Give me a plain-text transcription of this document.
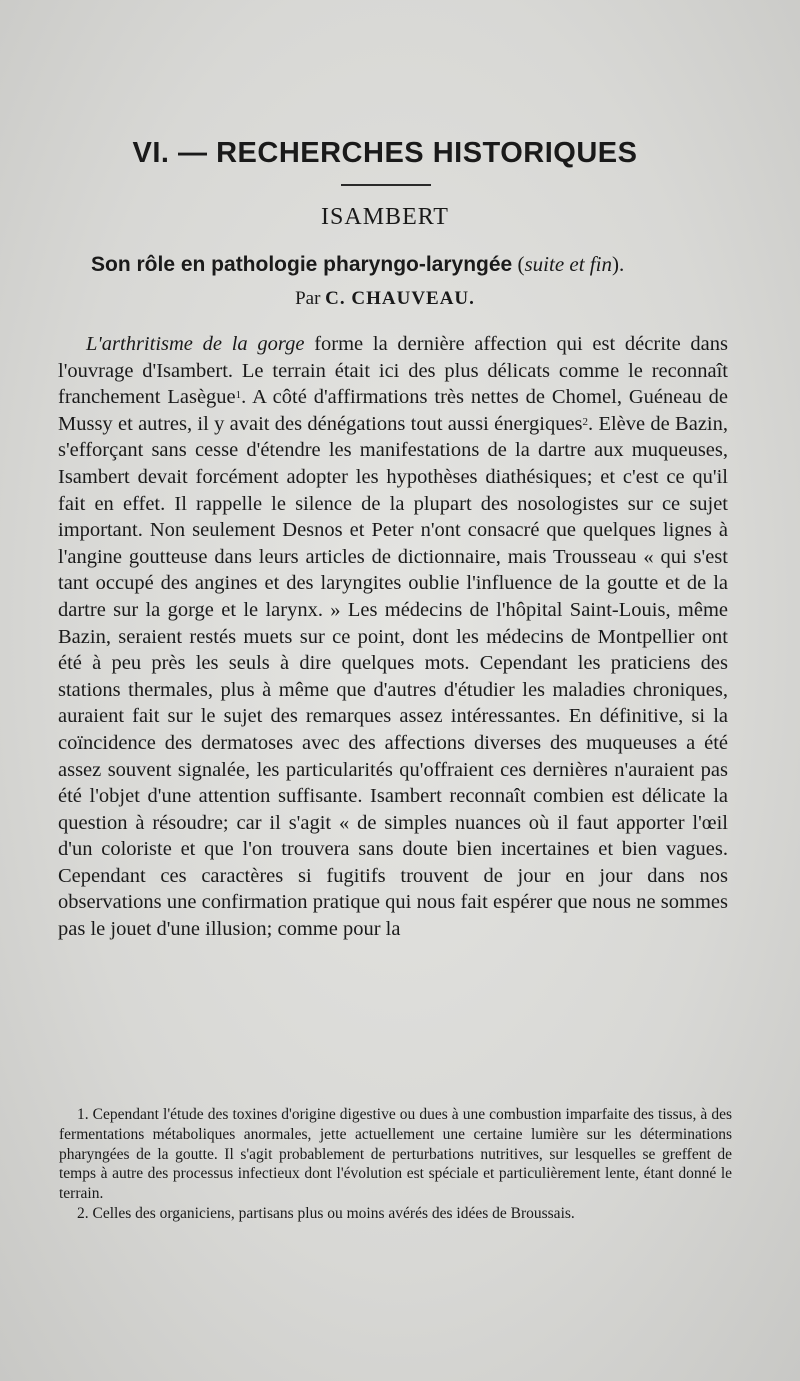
VI. — RECHERCHES HISTORIQUES
ISAMBERT
Son rôle en pathologie pharyngo-laryngée (suite et fin).
Par C. CHAUVEAU.

L'arthritisme de la gorge forme la dernière affection qui est décrite dans l'ouvrage d'Isambert. Le terrain était ici des plus délicats comme le reconnaît franchement Lasègue$^1$. A côté d'affirmations très nettes de Chomel, Guéneau de Mussy et autres, il y avait des dénégations tout aussi énergiques$^2$. Elève de Bazin, s'efforçant sans cesse d'étendre les manifestations de la dartre aux muqueuses, Isambert devait forcément adopter les hypothèses diathésiques; et c'est ce qu'il fait en effet. Il rappelle le silence de la plupart des nosologistes sur ce sujet important. Non seulement Desnos et Peter n'ont consacré que quelques lignes à l'angine goutteuse dans leurs articles de dictionnaire, mais Trousseau « qui s'est tant occupé des angines et des laryngites oublie l'influence de la goutte et de la dartre sur la gorge et le larynx. » Les médecins de l'hôpital Saint-Louis, même Bazin, seraient restés muets sur ce point, dont les médecins de Montpellier ont été à peu près les seuls à dire quelques mots. Cependant les praticiens des stations thermales, plus à même que d'autres d'étudier les maladies chroniques, auraient fait sur le sujet des remarques assez intéressantes. En définitive, si la coïncidence des dermatoses avec des affections diverses des muqueuses a été assez souvent signalée, les particularités qu'offraient ces dernières n'auraient pas été l'objet d'une attention suffisante. Isambert reconnaît combien est délicate la question à résoudre; car il s'agit « de simples nuances où il faut apporter l'œil d'un coloriste et que l'on trouvera sans doute bien incertaines et bien vagues. Cependant ces caractères si fugitifs trouvent de jour en jour dans nos observations une confirmation pratique qui nous fait espérer que nous ne sommes pas le jouet d'une illusion; comme pour la

1. Cependant l'étude des toxines d'origine digestive ou dues à une combustion imparfaite des tissus, à des fermentations métaboliques anormales, jette actuellement une certaine lumière sur les déterminations pharyngées de la goutte. Il s'agit probablement de perturbations nutritives, sur lesquelles se greffent de temps à autre des processus infectieux dont l'évolution est spéciale et particulièrement lente, étant donné le terrain.

2. Celles des organiciens, partisans plus ou moins avérés des idées de Broussais.
